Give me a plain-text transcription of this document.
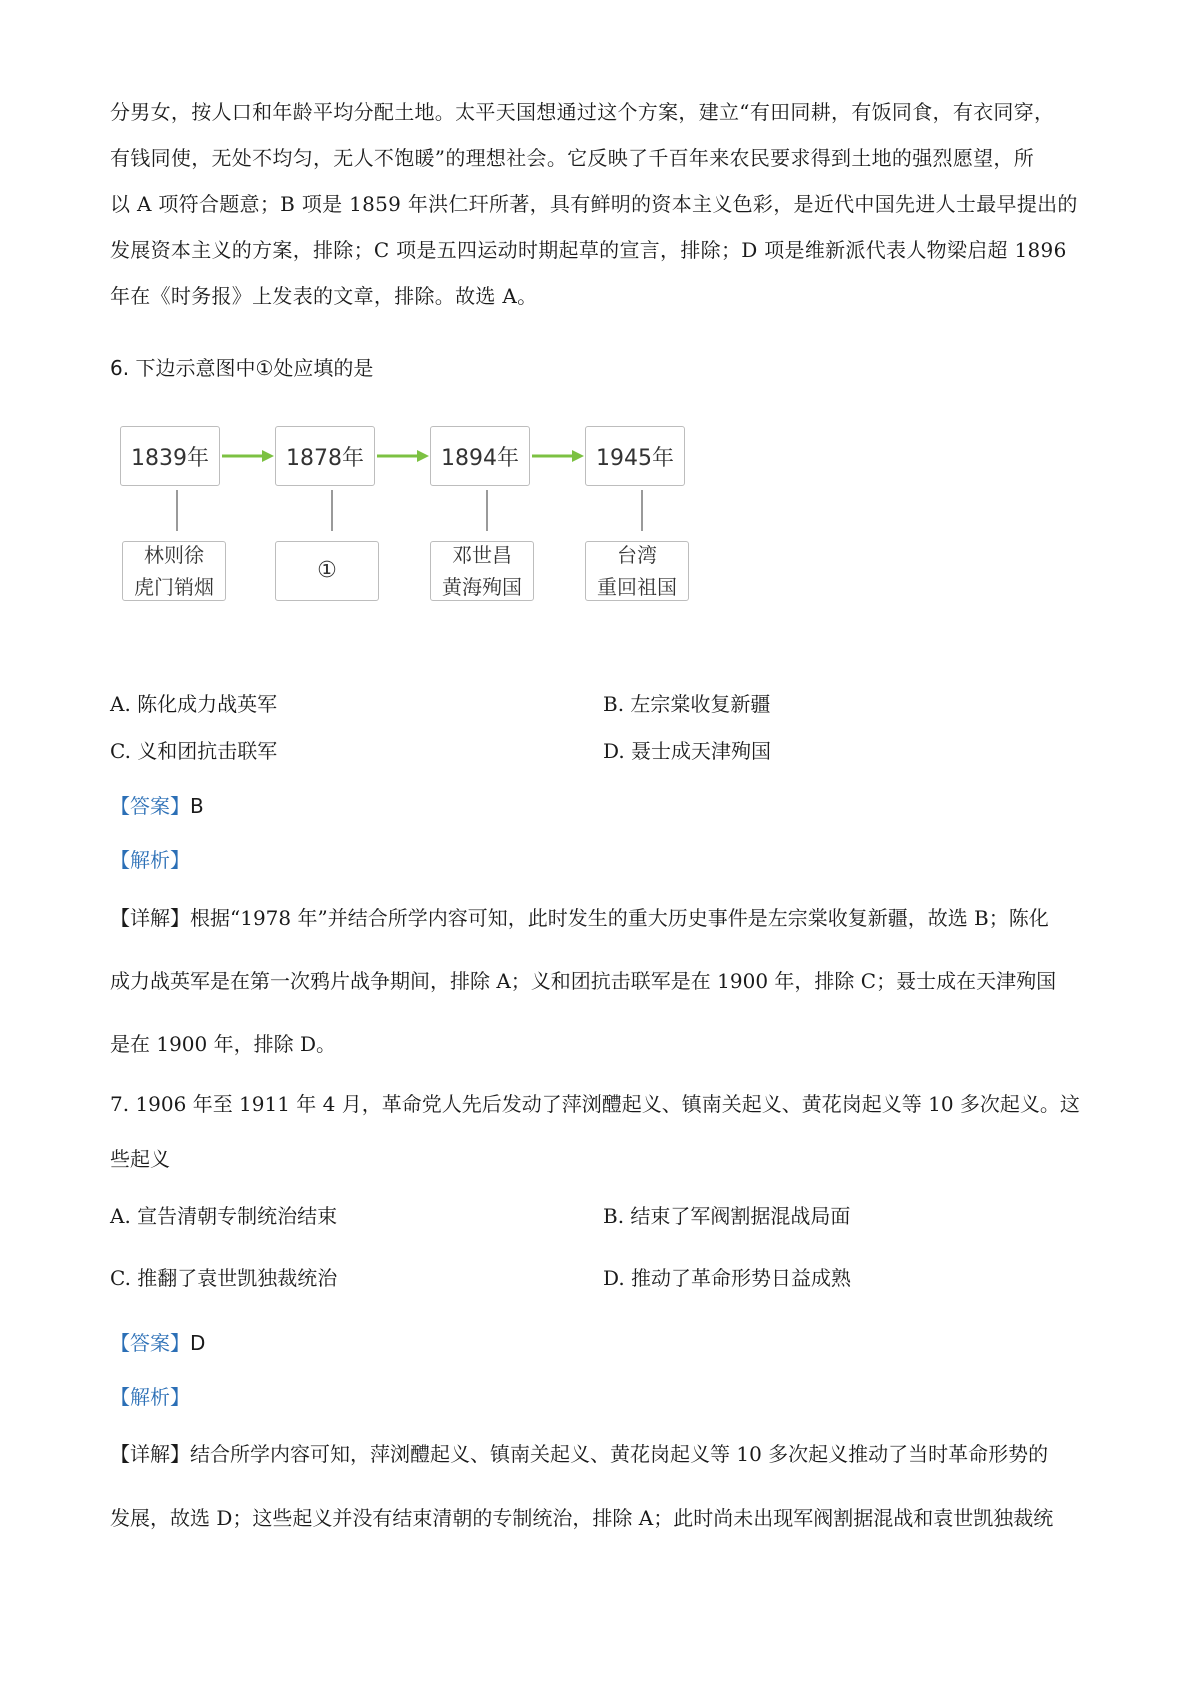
分男女，按人口和年龄平均分配土地。太平天国想通过这个方案，建立“有田同耕，有饭同食，有衣同穿，
有钱同使，无处不均匀，无人不饱暖”的理想社会。它反映了千百年来农民要求得到土地的强烈愿望，所
以 A 项符合题意；B 项是 1859 年洪仁玕所著，具有鲜明的资本主义色彩，是近代中国先进人士最早提出的
发展资本主义的方案，排除；C 项是五四运动时期起草的宣言，排除；D 项是维新派代表人物梁启超 1896
年在《时务报》上发表的文章，排除。故选 A。
6. 下边示意图中①处应填的是
1839年	1878年	1894年	1945年
林则徐
虎门销烟
①
邓世昌
黄海殉国
台湾
重回祖国
A. 陈化成力战英军	B. 左宗棠收复新疆
C. 义和团抗击联军	D. 聂士成天津殉国
【答案】B
【解析】
【详解】根据“1978 年”并结合所学内容可知，此时发生的重大历史事件是左宗棠收复新疆，故选 B；陈化
成力战英军是在第一次鸦片战争期间，排除 A；义和团抗击联军是在 1900 年，排除 C；聂士成在天津殉国
是在 1900 年，排除 D。
7. 1906 年至 1911 年 4 月，革命党人先后发动了萍浏醴起义、镇南关起义、黄花岗起义等 10 多次起义。这
些起义
A. 宣告清朝专制统治结束	B. 结束了军阀割据混战局面
C. 推翻了袁世凯独裁统治	D. 推动了革命形势日益成熟
【答案】D
【解析】
【详解】结合所学内容可知，萍浏醴起义、镇南关起义、黄花岗起义等 10 多次起义推动了当时革命形势的
发展，故选 D；这些起义并没有结束清朝的专制统治，排除 A；此时尚未出现军阀割据混战和袁世凯独裁统
